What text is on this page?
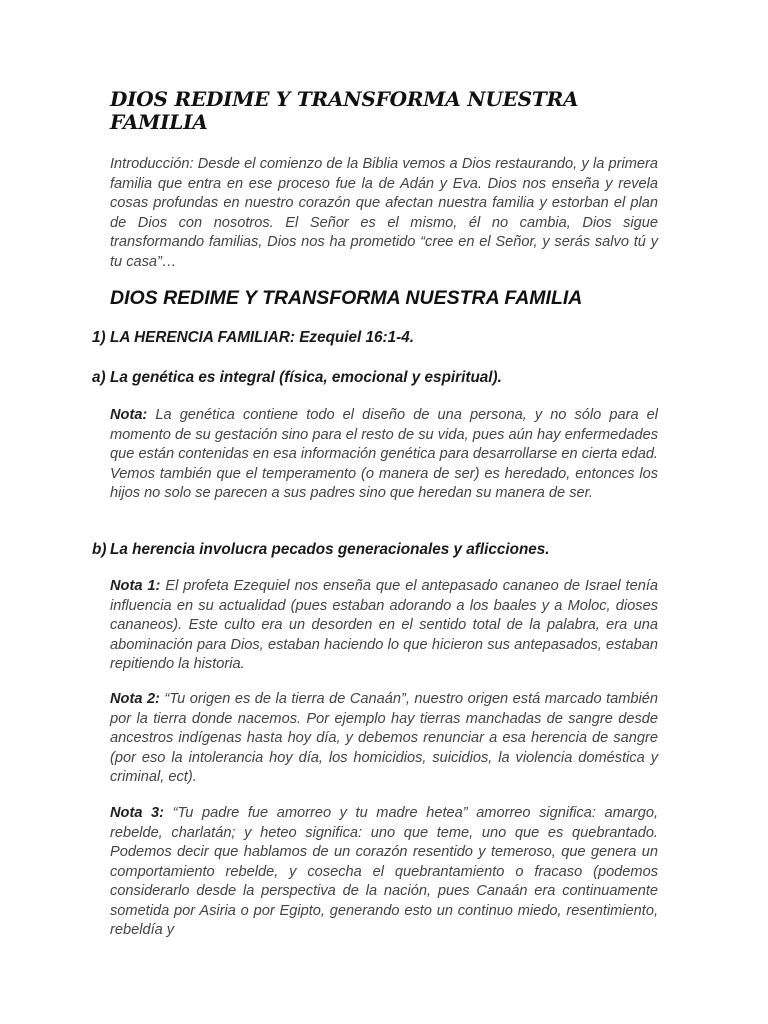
DIOS REDIME Y TRANSFORMA NUESTRA FAMILIA

Introducción: Desde el comienzo de la Biblia vemos a Dios restaurando, y la primera familia que entra en ese proceso fue la de Adán y Eva. Dios nos enseña y revela cosas profundas en nuestro corazón que afectan nuestra familia y estorban el plan de Dios con nosotros. El Señor es el mismo, él no cambia, Dios sigue transformando familias, Dios nos ha prometido “cree en el Señor, y serás salvo tú y tu casa”…

DIOS REDIME Y TRANSFORMA NUESTRA FAMILIA

1) LA HERENCIA FAMILIAR: Ezequiel 16:1-4.

a) La genética es integral (física, emocional y espiritual).

Nota: La genética contiene todo el diseño de una persona, y no sólo para el momento de su gestación sino para el resto de su vida, pues aún hay enfermedades que están contenidas en esa información genética para desarrollarse en cierta edad. Vemos también que el temperamento (o manera de ser) es heredado, entonces los hijos no solo se parecen a sus padres sino que heredan su manera de ser.

b) La herencia involucra pecados generacionales y aflicciones.

Nota 1: El profeta Ezequiel nos enseña que el antepasado cananeo de Israel tenía influencia en su actualidad (pues estaban adorando a los baales y a Moloc, dioses cananeos). Este culto era un desorden en el sentido total de la palabra, era una abominación para Dios, estaban haciendo lo que hicieron sus antepasados, estaban repitiendo la historia.

Nota 2: “Tu origen es de la tierra de Canaán”, nuestro origen está marcado también por la tierra donde nacemos. Por ejemplo hay tierras manchadas de sangre desde ancestros indígenas hasta hoy día, y debemos renunciar a esa herencia de sangre (por eso la intolerancia hoy día, los homicidios, suicidios, la violencia doméstica y criminal, ect).

Nota 3: “Tu padre fue amorreo y tu madre hetea” amorreo significa: amargo, rebelde, charlatán; y heteo significa: uno que teme, uno que es quebrantado. Podemos decir que hablamos de un corazón resentido y temeroso, que genera un comportamiento rebelde, y cosecha el quebrantamiento o fracaso (podemos considerarlo desde la perspectiva de la nación, pues Canaán era continuamente sometida por Asiria o por Egipto, generando esto un continuo miedo, resentimiento, rebeldía y
